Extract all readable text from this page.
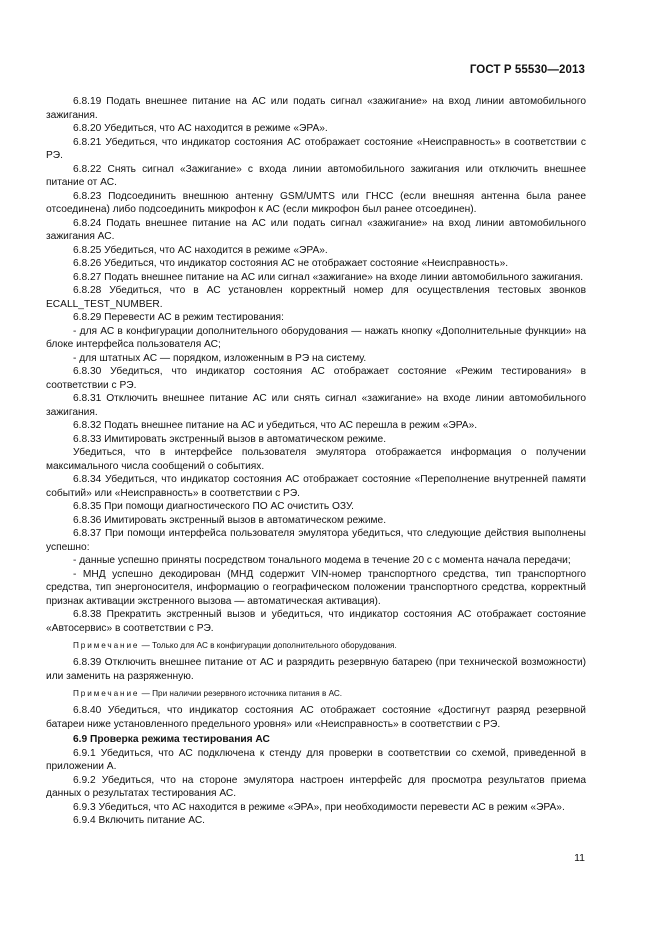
ГОСТ Р 55530—2013

6.8.19 Подать внешнее питание на АС или подать сигнал «зажигание» на вход линии автомобильного зажигания.

6.8.20 Убедиться, что АС находится в режиме «ЭРА».

6.8.21 Убедиться, что индикатор состояния АС отображает состояние «Неисправность» в соответствии с РЭ.

6.8.22 Снять сигнал «Зажигание» с входа линии автомобильного зажигания или отключить внешнее питание от АС.

6.8.23 Подсоединить внешнюю антенну GSM/UMTS или ГНСС (если внешняя антенна была ранее отсоединена) либо подсоединить микрофон к АС (если микрофон был ранее отсоединен).

6.8.24 Подать внешнее питание на АС или подать сигнал «зажигание» на вход линии автомобильного зажигания АС.

6.8.25 Убедиться, что АС находится в режиме «ЭРА».

6.8.26 Убедиться, что индикатор состояния АС не отображает состояние «Неисправность».

6.8.27 Подать внешнее питание на АС или сигнал «зажигание» на входе линии автомобильного зажигания.

6.8.28 Убедиться, что в АС установлен корректный номер для осуществления тестовых звонков ECALL_TEST_NUMBER.

6.8.29 Перевести АС в режим тестирования:

- для АС в конфигурации дополнительного оборудования — нажать кнопку «Дополнительные функции» на блоке интерфейса пользователя АС;

- для штатных АС — порядком, изложенным в РЭ на систему.

6.8.30 Убедиться, что индикатор состояния АС отображает состояние «Режим тестирования» в соответствии с РЭ.

6.8.31 Отключить внешнее питание АС или снять сигнал «зажигание» на входе линии автомобильного зажигания.

6.8.32 Подать внешнее питание на АС и убедиться, что АС перешла в режим «ЭРА».

6.8.33 Имитировать экстренный вызов в автоматическом режиме.

Убедиться, что в интерфейсе пользователя эмулятора отображается информация о получении максимального числа сообщений о событиях.

6.8.34 Убедиться, что индикатор состояния АС отображает состояние «Переполнение внутренней памяти событий» или «Неисправность» в соответствии с РЭ.

6.8.35 При помощи диагностического ПО АС очистить ОЗУ.

6.8.36 Имитировать экстренный вызов в автоматическом режиме.

6.8.37 При помощи интерфейса пользователя эмулятора убедиться, что следующие действия выполнены успешно:

- данные успешно приняты посредством тонального модема в течение 20 с с момента начала передачи;

- МНД успешно декодирован (МНД содержит VIN-номер транспортного средства, тип транспортного средства, тип энергоносителя, информацию о географическом положении транспортного средства, корректный признак активации экстренного вызова — автоматическая активация).

6.8.38 Прекратить экстренный вызов и убедиться, что индикатор состояния АС отображает состояние «Автосервис» в соответствии с РЭ.

Примечание — Только для АС в конфигурации дополнительного оборудования.

6.8.39 Отключить внешнее питание от АС и разрядить резервную батарею (при технической возможности) или заменить на разряженную.

Примечание — При наличии резервного источника питания в АС.

6.8.40 Убедиться, что индикатор состояния АС отображает состояние «Достигнут разряд резервной батареи ниже установленного предельного уровня» или «Неисправность» в соответствии с РЭ.

6.9 Проверка режима тестирования АС

6.9.1 Убедиться, что АС подключена к стенду для проверки в соответствии со схемой, приведенной в приложении А.

6.9.2 Убедиться, что на стороне эмулятора настроен интерфейс для просмотра результатов приема данных о результатах тестирования АС.

6.9.3 Убедиться, что АС находится в режиме «ЭРА», при необходимости перевести АС в режим «ЭРА».

6.9.4 Включить питание АС.

11
